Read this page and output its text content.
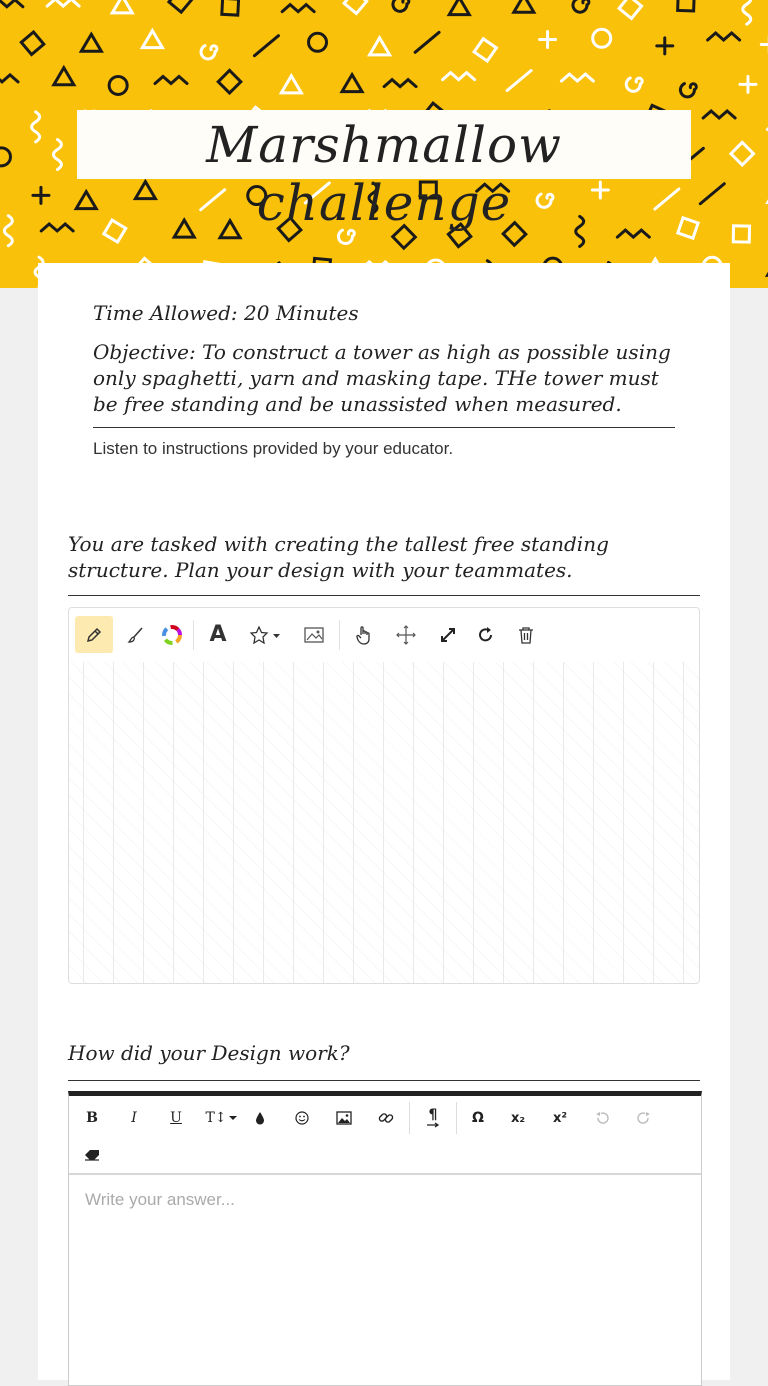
Marshmallow challenge
Time Allowed: 20 Minutes
Objective: To construct a tower as high as possible using only spaghetti, yarn and masking tape. THe tower must be free standing and be unassisted when measured.
Listen to instructions provided by your educator.
You are tasked with creating the tallest free standing structure. Plan your design with your teammates.
A
How did your Design work?
B	I	U	T↕	¶	Ω	x₂	x²
Write your answer...
